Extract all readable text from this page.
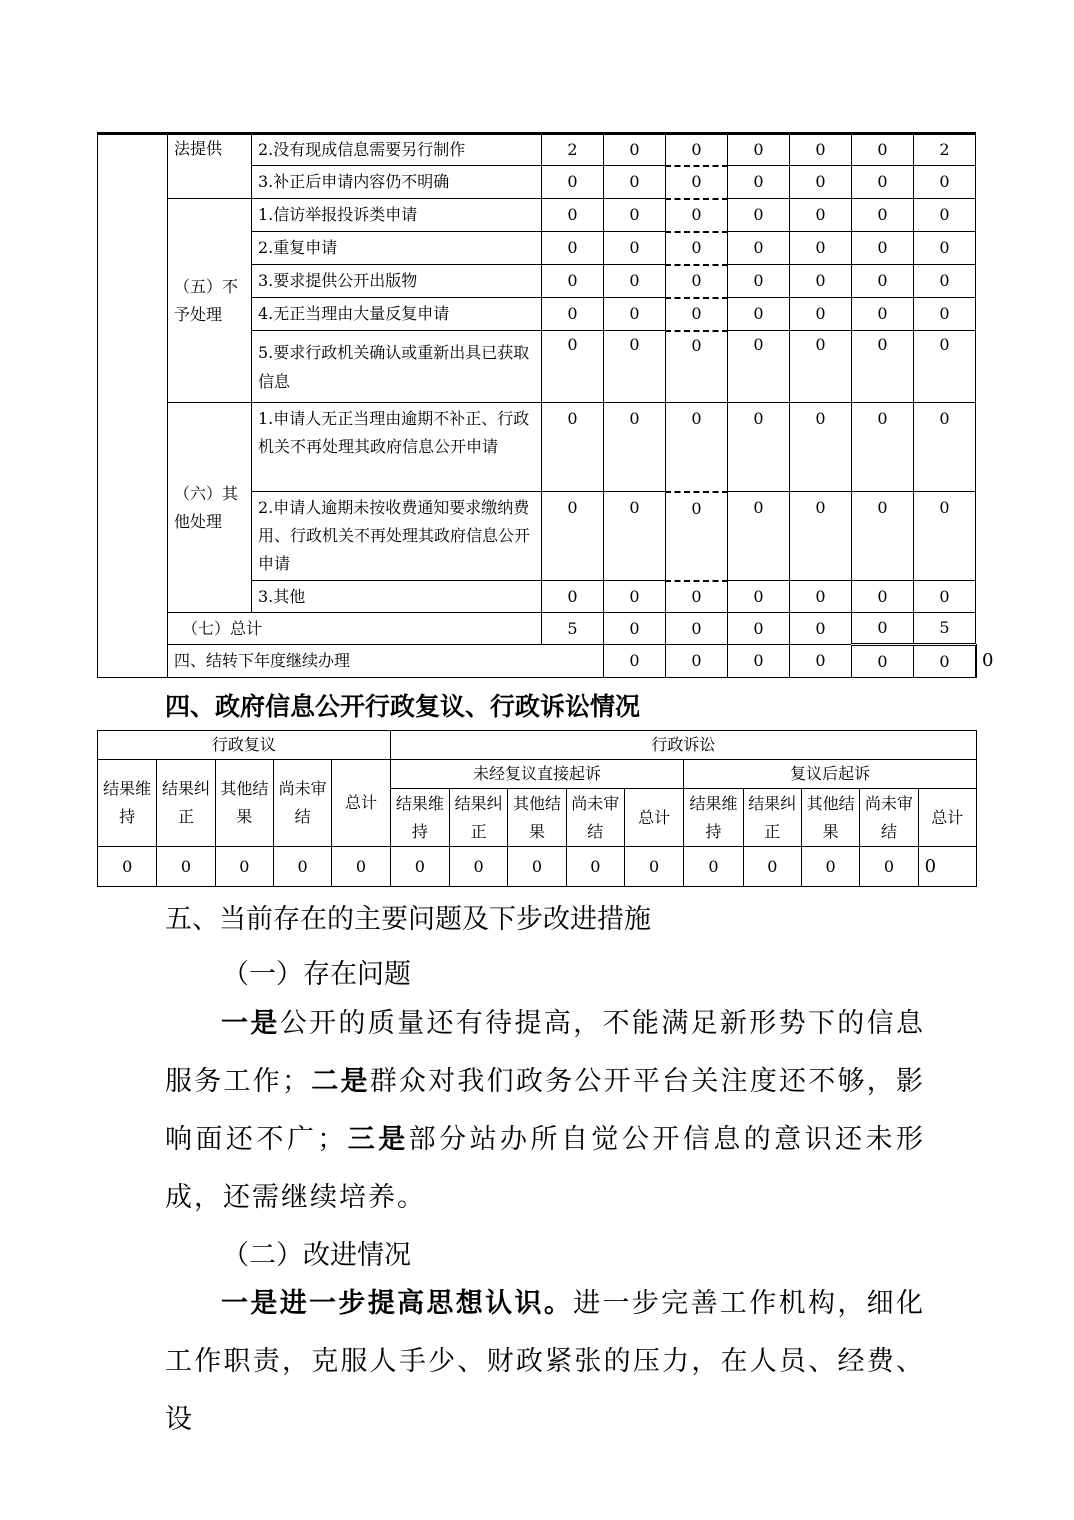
	法提供	2.没有现成信息需要另行制作	2	0	0	0	0	0	2	
		3.补正后申请内容仍不明确	0	0	0	0	0	0	0	
	（五）不予处理	1.信访举报投诉类申请	0	0	0	0	0	0	0	
		2.重复申请	0	0	0	0	0	0	0	
		3.要求提供公开出版物	0	0	0	0	0	0	0	
		4.无正当理由大量反复申请	0	0	0	0	0	0	0	
		5.要求行政机关确认或重新出具已获取信息	0	0	0	0	0	0	0	
	（六）其他处理	1.申请人无正当理由逾期不补正、行政机关不再处理其政府信息公开申请	0	0	0	0	0	0	0	
		2.申请人逾期未按收费通知要求缴纳费用、行政机关不再处理其政府信息公开申请	0	0	0	0	0	0	0	
		3.其他	0	0	0	0	0	0	0	
	（七）总计		5	0	0	0	0	0	5	
	四、结转下年度继续办理			0	0	0	0	0	0	0
四、政府信息公开行政复议、行政诉讼情况
行政复议					行政诉讼									
结果维持	结果纠正	其他结果	尚未审结	总计	未经复议直接起诉					复议后起诉				
					结果维持	结果纠正	其他结果	尚未审结	总计	结果维持	结果纠正	其他结果	尚未审结	总计
0	0	0	0	0	0	0	0	0	0	0	0	0	0	0
五、当前存在的主要问题及下步改进措施
（一）存在问题

一是公开的质量还有待提高，不能满足新形势下的信息服务工作；二是群众对我们政务公开平台关注度还不够，影响面还不广；三是部分站办所自觉公开信息的意识还未形成，还需继续培养。

（二）改进情况

一是进一步提高思想认识。进一步完善工作机构，细化工作职责，克服人手少、财政紧张的压力，在人员、经费、设
